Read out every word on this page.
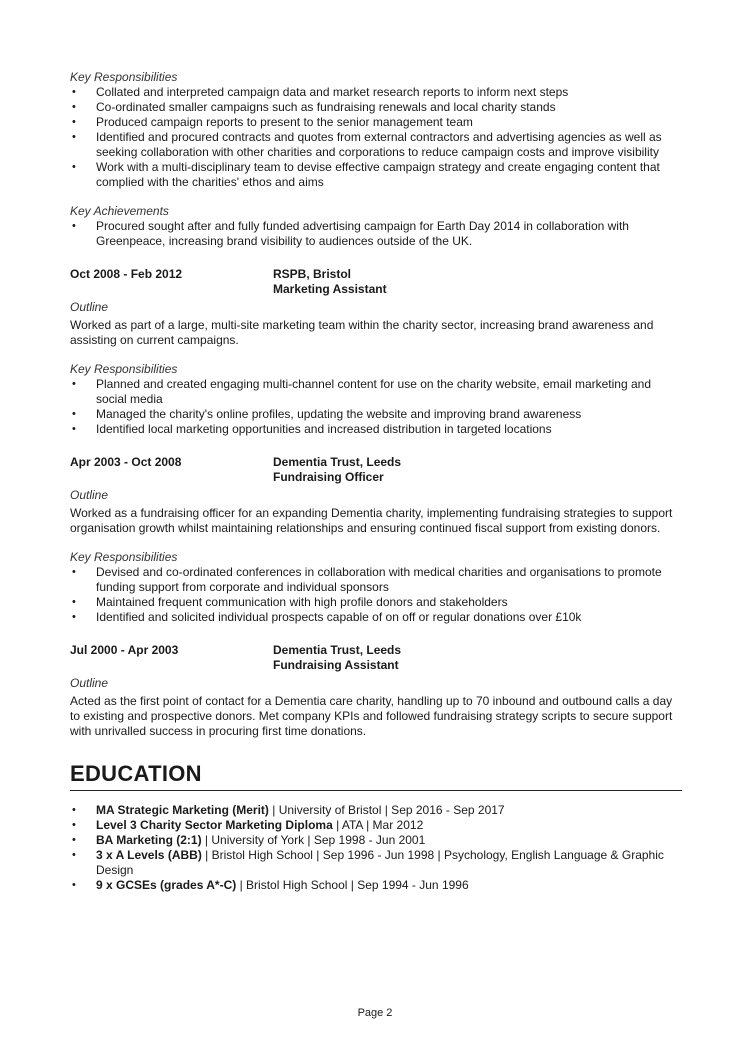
Key Responsibilities
• Collated and interpreted campaign data and market research reports to inform next steps
• Co-ordinated smaller campaigns such as fundraising renewals and local charity stands
• Produced campaign reports to present to the senior management team
• Identified and procured contracts and quotes from external contractors and advertising agencies as well as seeking collaboration with other charities and corporations to reduce campaign costs and improve visibility
• Work with a multi-disciplinary team to devise effective campaign strategy and create engaging content that complied with the charities' ethos and aims
Key Achievements
• Procured sought after and fully funded advertising campaign for Earth Day 2014 in collaboration with Greenpeace, increasing brand visibility to audiences outside of the UK.
Oct 2008 - Feb 2012	RSPB, Bristol
Marketing Assistant
Outline

Worked as part of a large, multi-site marketing team within the charity sector, increasing brand awareness and assisting on current campaigns.

Key Responsibilities
• Planned and created engaging multi-channel content for use on the charity website, email marketing and social media
• Managed the charity's online profiles, updating the website and improving brand awareness
• Identified local marketing opportunities and increased distribution in targeted locations
Apr 2003 - Oct 2008	Dementia Trust, Leeds
Fundraising Officer
Outline

Worked as a fundraising officer for an expanding Dementia charity, implementing fundraising strategies to support organisation growth whilst maintaining relationships and ensuring continued fiscal support from existing donors.

Key Responsibilities
• Devised and co-ordinated conferences in collaboration with medical charities and organisations to promote funding support from corporate and individual sponsors
• Maintained frequent communication with high profile donors and stakeholders
• Identified and solicited individual prospects capable of on off or regular donations over £10k
Jul 2000 - Apr 2003	Dementia Trust, Leeds
Fundraising Assistant
Outline

Acted as the first point of contact for a Dementia care charity, handling up to 70 inbound and outbound calls a day to existing and prospective donors. Met company KPIs and followed fundraising strategy scripts to secure support with unrivalled success in procuring first time donations.

EDUCATION
• MA Strategic Marketing (Merit) | University of Bristol | Sep 2016 - Sep 2017
• Level 3 Charity Sector Marketing Diploma | ATA | Mar 2012
• BA Marketing (2:1) | University of York | Sep 1998 - Jun 2001
• 3 x A Levels (ABB) | Bristol High School | Sep 1996 - Jun 1998 | Psychology, English Language & Graphic Design
• 9 x GCSEs (grades A*-C) | Bristol High School | Sep 1994 - Jun 1996
Page 2
